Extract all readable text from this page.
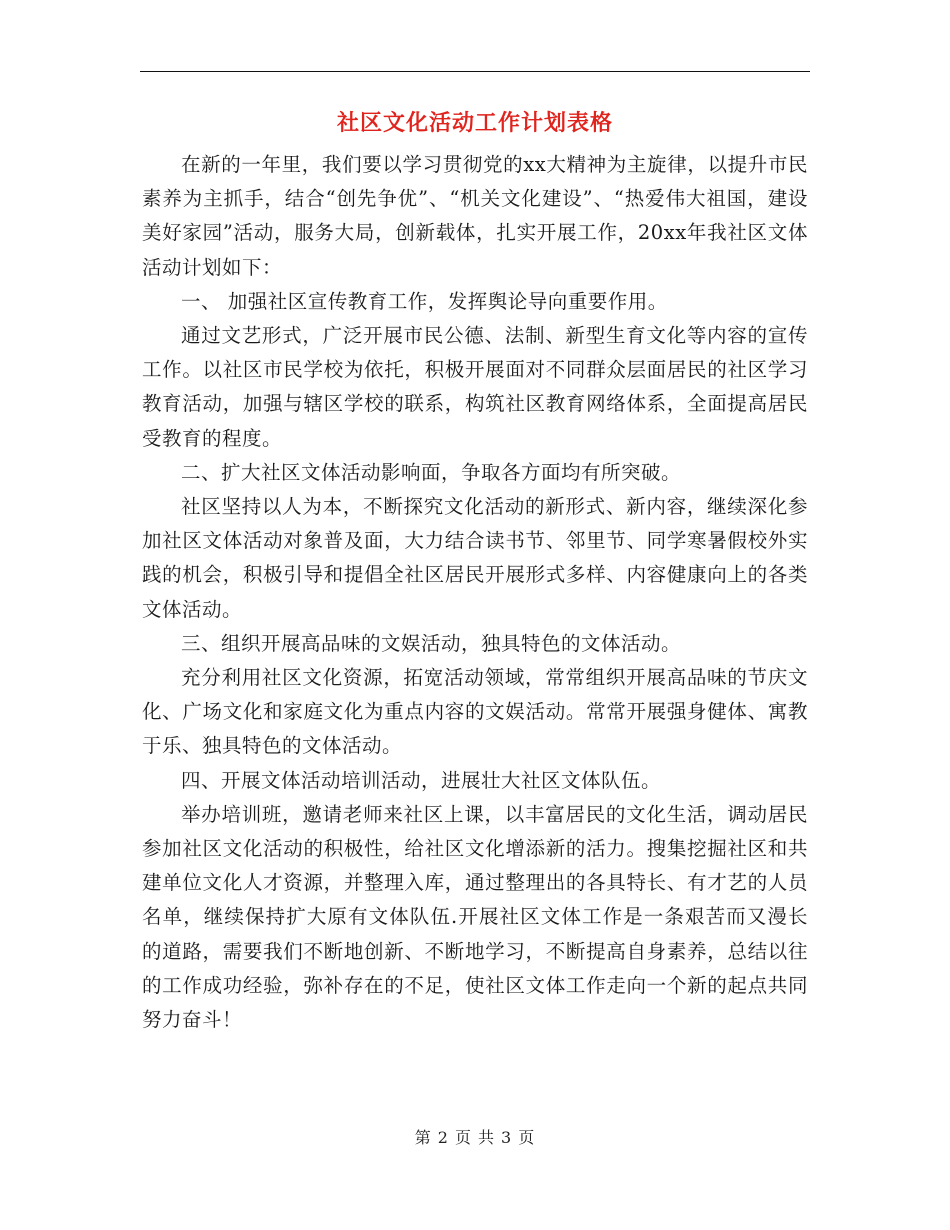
社区文化活动工作计划表格

在新的一年里，我们要以学习贯彻党的xx大精神为主旋律，以提升市民素养为主抓手，结合“创先争优”、“机关文化建设”、“热爱伟大祖国，建设美好家园”活动，服务大局，创新载体，扎实开展工作，20xx年我社区文体活动计划如下：

一、 加强社区宣传教育工作，发挥舆论导向重要作用。

通过文艺形式，广泛开展市民公德、法制、新型生育文化等内容的宣传工作。以社区市民学校为依托，积极开展面对不同群众层面居民的社区学习教育活动，加强与辖区学校的联系，构筑社区教育网络体系，全面提高居民受教育的程度。

二、扩大社区文体活动影响面，争取各方面均有所突破。

社区坚持以人为本，不断探究文化活动的新形式、新内容，继续深化参加社区文体活动对象普及面，大力结合读书节、邻里节、同学寒暑假校外实践的机会，积极引导和提倡全社区居民开展形式多样、内容健康向上的各类文体活动。

三、组织开展高品味的文娱活动，独具特色的文体活动。

充分利用社区文化资源，拓宽活动领域，常常组织开展高品味的节庆文化、广场文化和家庭文化为重点内容的文娱活动。常常开展强身健体、寓教于乐、独具特色的文体活动。

四、开展文体活动培训活动，进展壮大社区文体队伍。

举办培训班，邀请老师来社区上课，以丰富居民的文化生活，调动居民参加社区文化活动的积极性，给社区文化增添新的活力。搜集挖掘社区和共建单位文化人才资源，并整理入库，通过整理出的各具特长、有才艺的人员名单，继续保持扩大原有文体队伍.开展社区文体工作是一条艰苦而又漫长的道路，需要我们不断地创新、不断地学习，不断提高自身素养，总结以往的工作成功经验，弥补存在的不足，使社区文体工作走向一个新的起点共同努力奋斗！

第 2 页 共 3 页
